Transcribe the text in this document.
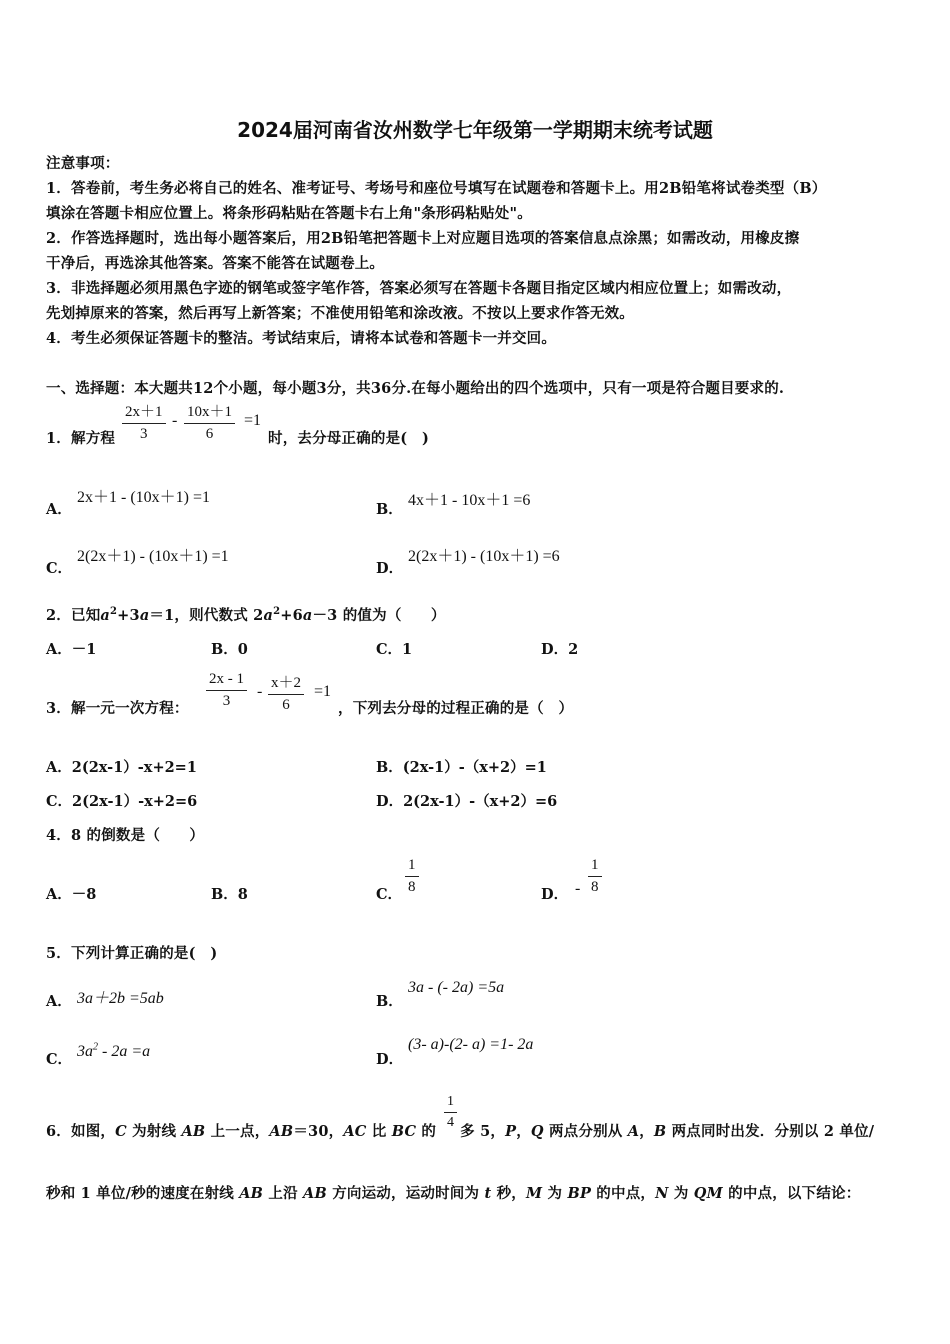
2024届河南省汝州数学七年级第一学期期末统考试题
注意事项：
1．答卷前，考生务必将自己的姓名、准考证号、考场号和座位号填写在试题卷和答题卡上。用2B铅笔将试卷类型（B）
填涂在答题卡相应位置上。将条形码粘贴在答题卡右上角"条形码粘贴处"。
2．作答选择题时，选出每小题答案后，用2B铅笔把答题卡上对应题目选项的答案信息点涂黑；如需改动，用橡皮擦
干净后，再选涂其他答案。答案不能答在试题卷上。
3．非选择题必须用黑色字迹的钢笔或签字笔作答，答案必须写在答题卡各题目指定区域内相应位置上；如需改动，
先划掉原来的答案，然后再写上新答案；不准使用铅笔和涂改液。不按以上要求作答无效。
4．考生必须保证答题卡的整洁。考试结束后，请将本试卷和答题卡一并交回。
一、选择题：本大题共12个小题，每小题3分，共36分.在每小题给出的四个选项中，只有一项是符合题目要求的.
1．解方程 $\frac{2x+1}{3} - \frac{10x+1}{6} =1$
时，去分母正确的是(　)
A．
2x＋1 - (10x＋1) =1
B．
4x＋1 - 10x＋1 =6
C．
2(2x＋1) - (10x＋1) =1
D．
2(2x＋1) - (10x＋1) =6
2．已知$a^2+3a=1$，则代数式 $2a^2+6a-3$ 的值为（　　）
A．－1	B．0	C．1	D．2
3．解一元一次方程： $\frac{2x - 1}{3} - \frac{x+2}{6} =1$
，下列去分母的过程正确的是（　）
A．2(2x-1）-x+2=1	B．(2x-1）-（x+2）=1
C．2(2x-1）-x+2=6	D．2(2x-1）-（x+2）=6
4．8 的倒数是（　　）
A．－8	B．8	C． $\frac{1}{8}$	D． - $\frac{1}{8}$
5．下列计算正确的是(　)
A． 3a＋2b =5ab	B．
3a - (- 2a) =5a
C． $3a^2 - 2a =a$	D．
(3- a)-(2- a) =1- 2a
6．如图，C 为射线 AB 上一点，AB＝30，AC 比 BC 的 多 5，P，Q 两点分别从 A，B 两点同时出发．分别以 2 单位/
$\frac{1}{4}$
秒和 1 单位/秒的速度在射线 AB 上沿 AB 方向运动，运动时间为 t 秒，M 为 BP 的中点，N 为 QM 的中点，以下结论：
